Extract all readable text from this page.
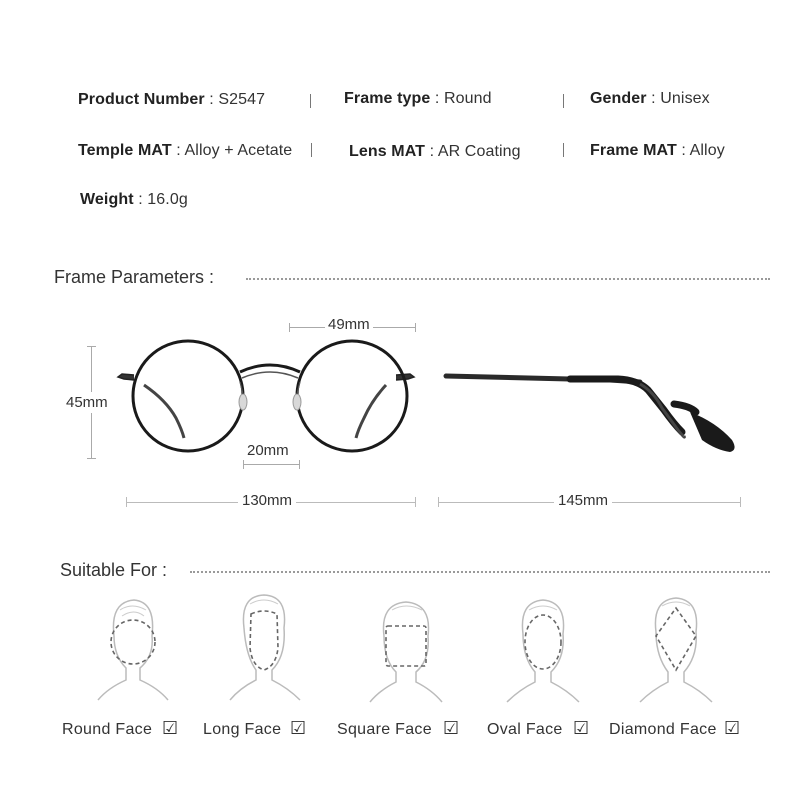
Product Number : S2547	Frame type : Round	Gender : Unisex
Temple MAT : Alloy + Acetate	Lens MAT : AR Coating	Frame MAT : Alloy
Weight : 16.0g
Frame Parameters :
49mm
45mm
20mm
130mm	145mm
Suitable For :
Round Face ☑ Long Face ☑ Square Face ☑ Oval Face ☑ Diamond Face ☑
